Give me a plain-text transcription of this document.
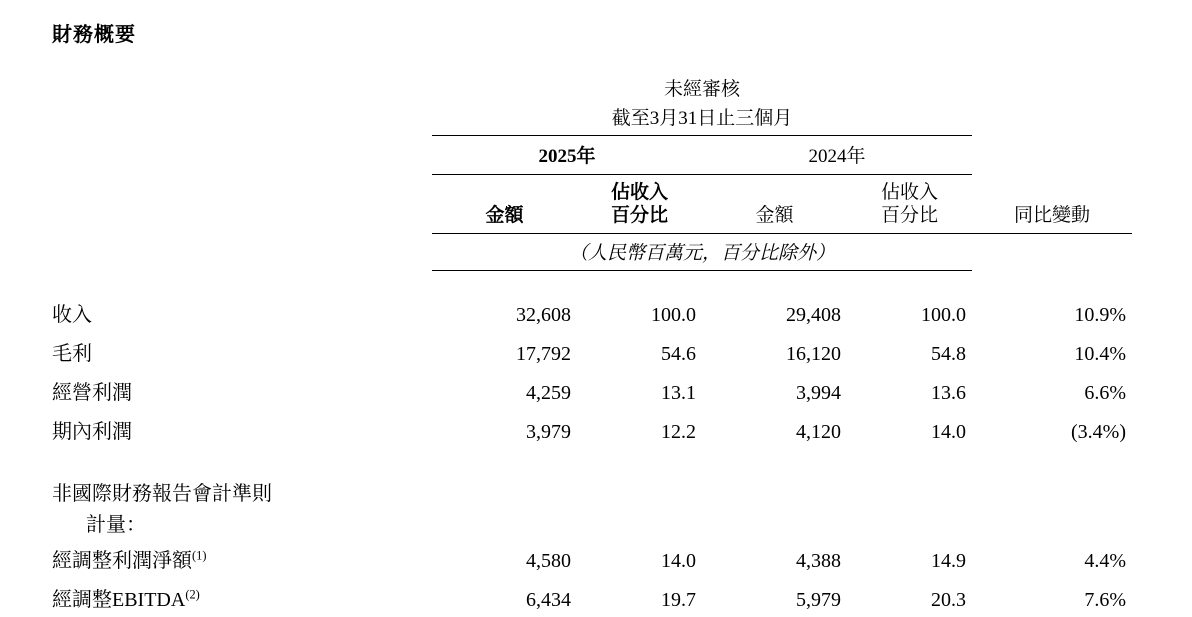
財務概要
	未經審核				
	截至3月31日止三個月				

	2025年		2024年		

	金額	佔收入
百分比	金額	佔收入
百分比	同比變動

	（人民幣百萬元，百分比除外）				

收入	32,608	100.0	29,408	100.0	10.9%
毛利	17,792	54.6	16,120	54.8	10.4%
經營利潤	4,259	13.1	3,994	13.6	6.6%
期內利潤	3,979	12.2	4,120	14.0	(3.4%)

非國際財務報告會計準則					
計量：					
經調整利潤淨額$^{(1)}$	4,580	14.0	4,388	14.9	4.4%
經調整EBITDA$^{(2)}$	6,434	19.7	5,979	20.3	7.6%
